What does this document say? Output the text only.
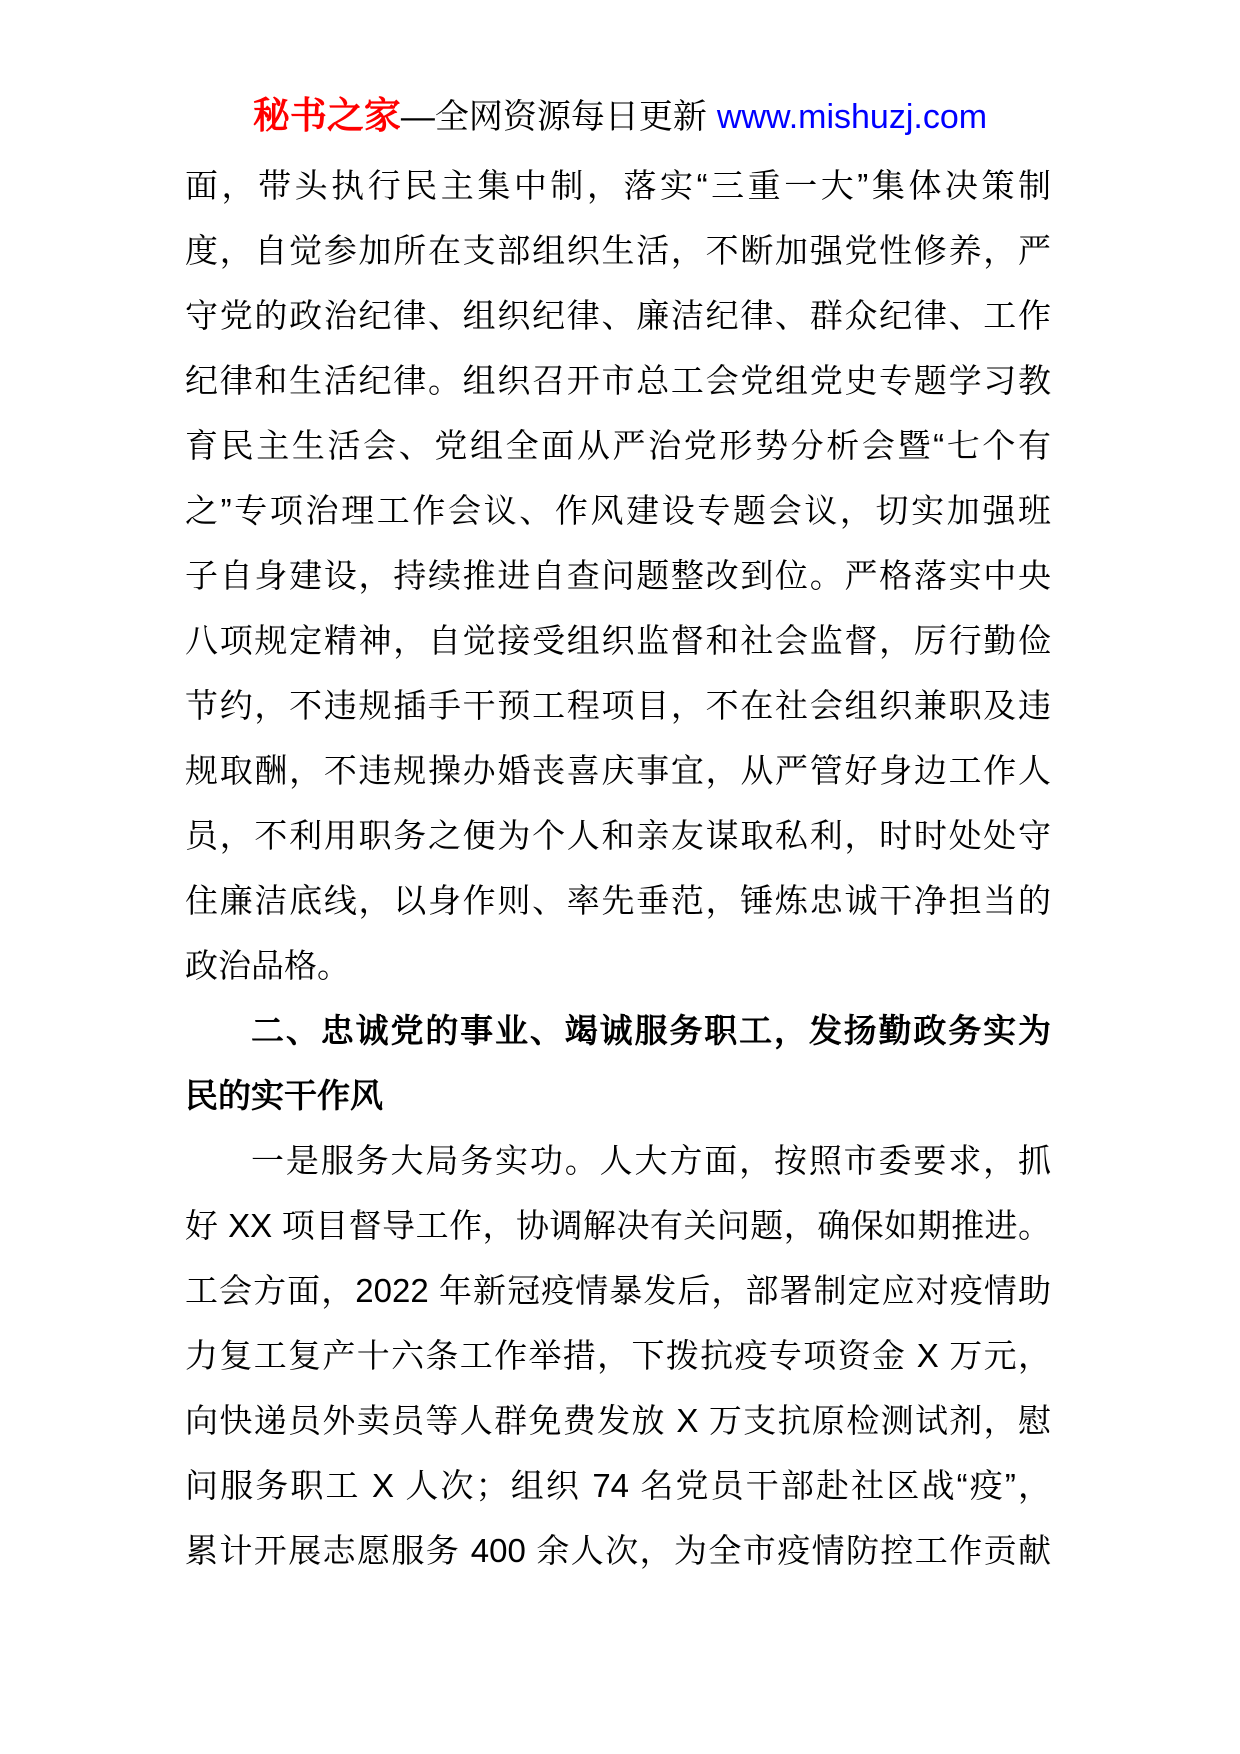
秘书之家—全网资源每日更新 www.mishuzj.com
面，带头执行民主集中制，落实“三重一大”集体决策制
度，自觉参加所在支部组织生活，不断加强党性修养，严
守党的政治纪律、组织纪律、廉洁纪律、群众纪律、工作
纪律和生活纪律。组织召开市总工会党组党史专题学习教
育民主生活会、党组全面从严治党形势分析会暨“七个有
之”专项治理工作会议、作风建设专题会议，切实加强班
子自身建设，持续推进自查问题整改到位。严格落实中央
八项规定精神，自觉接受组织监督和社会监督，厉行勤俭
节约，不违规插手干预工程项目，不在社会组织兼职及违
规取酬，不违规操办婚丧喜庆事宜，从严管好身边工作人
员，不利用职务之便为个人和亲友谋取私利，时时处处守
住廉洁底线，以身作则、率先垂范，锤炼忠诚干净担当的
政治品格。
二、忠诚党的事业、竭诚服务职工，发扬勤政务实为
民的实干作风
一是服务大局务实功。人大方面，按照市委要求，抓
好 XX 项目督导工作，协调解决有关问题，确保如期推进。
工会方面，2022 年新冠疫情暴发后，部署制定应对疫情助
力复工复产十六条工作举措，下拨抗疫专项资金 X 万元，
向快递员外卖员等人群免费发放 X 万支抗原检测试剂，慰
问服务职工 X 人次；组织 74 名党员干部赴社区战“疫”，
累计开展志愿服务 400 余人次，为全市疫情防控工作贡献
